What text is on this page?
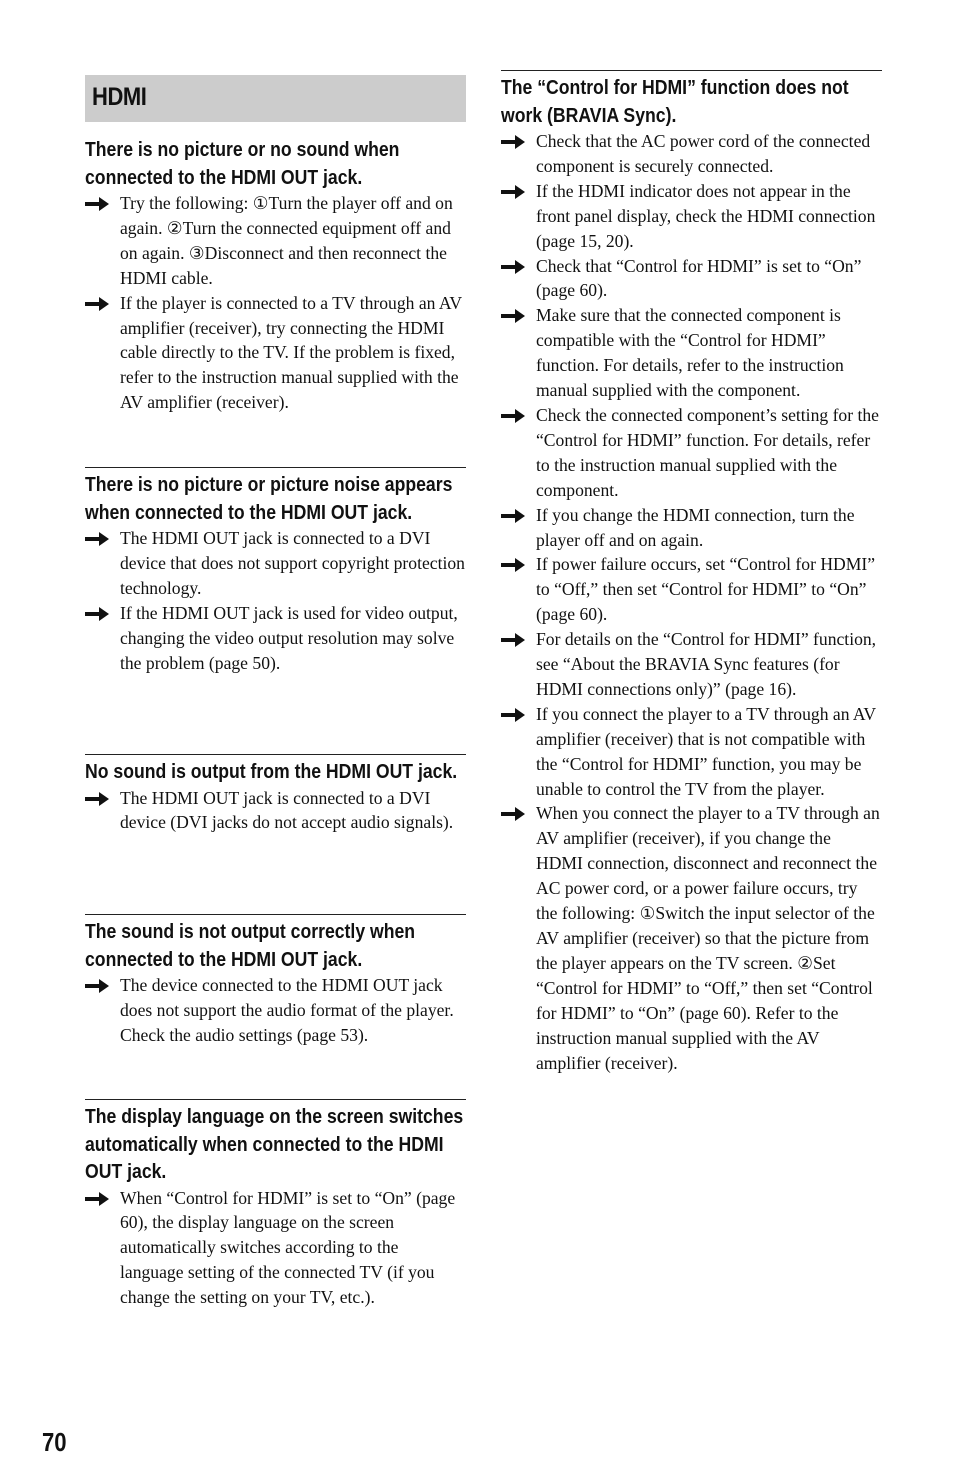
HDMI
There is no picture or no sound when connected to the HDMI OUT jack.
Try the following: ①Turn the player off and on again. ②Turn the connected equipment off and on again. ③Disconnect and then reconnect the HDMI cable.
If the player is connected to a TV through an AV amplifier (receiver), try connecting the HDMI cable directly to the TV. If the problem is fixed, refer to the instruction manual supplied with the AV amplifier (receiver).
There is no picture or picture noise appears when connected to the HDMI OUT jack.
The HDMI OUT jack is connected to a DVI device that does not support copyright protection technology.
If the HDMI OUT jack is used for video output, changing the video output resolution may solve the problem (page 50).
No sound is output from the HDMI OUT jack.
The HDMI OUT jack is connected to a DVI device (DVI jacks do not accept audio signals).
The sound is not output correctly when connected to the HDMI OUT jack.
The device connected to the HDMI OUT jack does not support the audio format of the player. Check the audio settings (page 53).
The display language on the screen switches automatically when connected to the HDMI OUT jack.
When “Control for HDMI” is set to “On” (page 60), the display language on the screen automatically switches according to the language setting of the connected TV (if you change the setting on your TV, etc.).
The “Control for HDMI” function does not work (BRAVIA Sync).
Check that the AC power cord of the connected component is securely connected.
If the HDMI indicator does not appear in the front panel display, check the HDMI connection (page 15, 20).
Check that “Control for HDMI” is set to “On” (page 60).
Make sure that the connected component is compatible with the “Control for HDMI” function. For details, refer to the instruction manual supplied with the component.
Check the connected component’s setting for the “Control for HDMI” function. For details, refer to the instruction manual supplied with the component.
If you change the HDMI connection, turn the player off and on again.
If power failure occurs, set “Control for HDMI” to “Off,” then set “Control for HDMI” to “On” (page 60).
For details on the “Control for HDMI” function, see “About the BRAVIA Sync features (for HDMI connections only)” (page 16).
If you connect the player to a TV through an AV amplifier (receiver) that is not compatible with the “Control for HDMI” function, you may be unable to control the TV from the player.
When you connect the player to a TV through an AV amplifier (receiver), if you change the HDMI connection, disconnect and reconnect the AC power cord, or a power failure occurs, try the following: ①Switch the input selector of the AV amplifier (receiver) so that the picture from the player appears on the TV screen. ②Set “Control for HDMI” to “Off,” then set “Control for HDMI” to “On” (page 60). Refer to the instruction manual supplied with the AV amplifier (receiver).
70
